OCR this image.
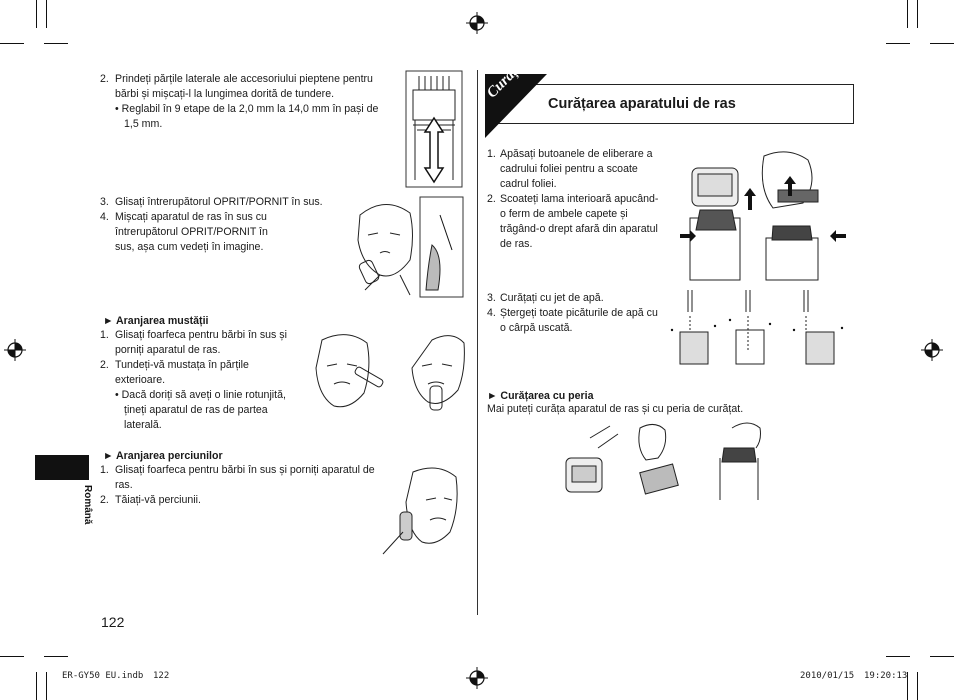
2. Prindeți părțile laterale ale accesoriului pieptene pentru bărbi și mișcați-l la lungimea dorită de tundere.
• Reglabil în 9 etape de la 2,0 mm la 14,0 mm în pași de 1,5 mm.
3. Glisați întrerupătorul OPRIT/PORNIT în sus.
4. Mișcați aparatul de ras în sus cu întrerupătorul OPRIT/PORNIT în sus, așa cum vedeți în imagine.
► Aranjarea mustății
1. Glisați foarfeca pentru bărbi în sus și porniți aparatul de ras.
2. Tundeți-vă mustața în părțile exterioare.
• Dacă doriți să aveți o linie rotunjită, țineți aparatul de ras de partea laterală.
► Aranjarea perciunilor
1. Glisați foarfeca pentru bărbi în sus și porniți aparatul de ras.
2. Tăiați-vă perciunii.
Română
122
Curățați
Curățarea aparatului de ras
1. Apăsați butoanele de eliberare a cadrului foliei pentru a scoate cadrul foliei.
2. Scoateți lama interioară apucând-o ferm de ambele capete și trăgând-o drept afară din aparatul de ras.
3. Curățați cu jet de apă.
4. Ștergeți toate picăturile de apă cu o cârpă uscată.
► Curățarea cu peria
Mai puteți curăța aparatul de ras și cu peria de curățat.
ER-GY50 EU.indb 122	2010/01/15 19:20:13
